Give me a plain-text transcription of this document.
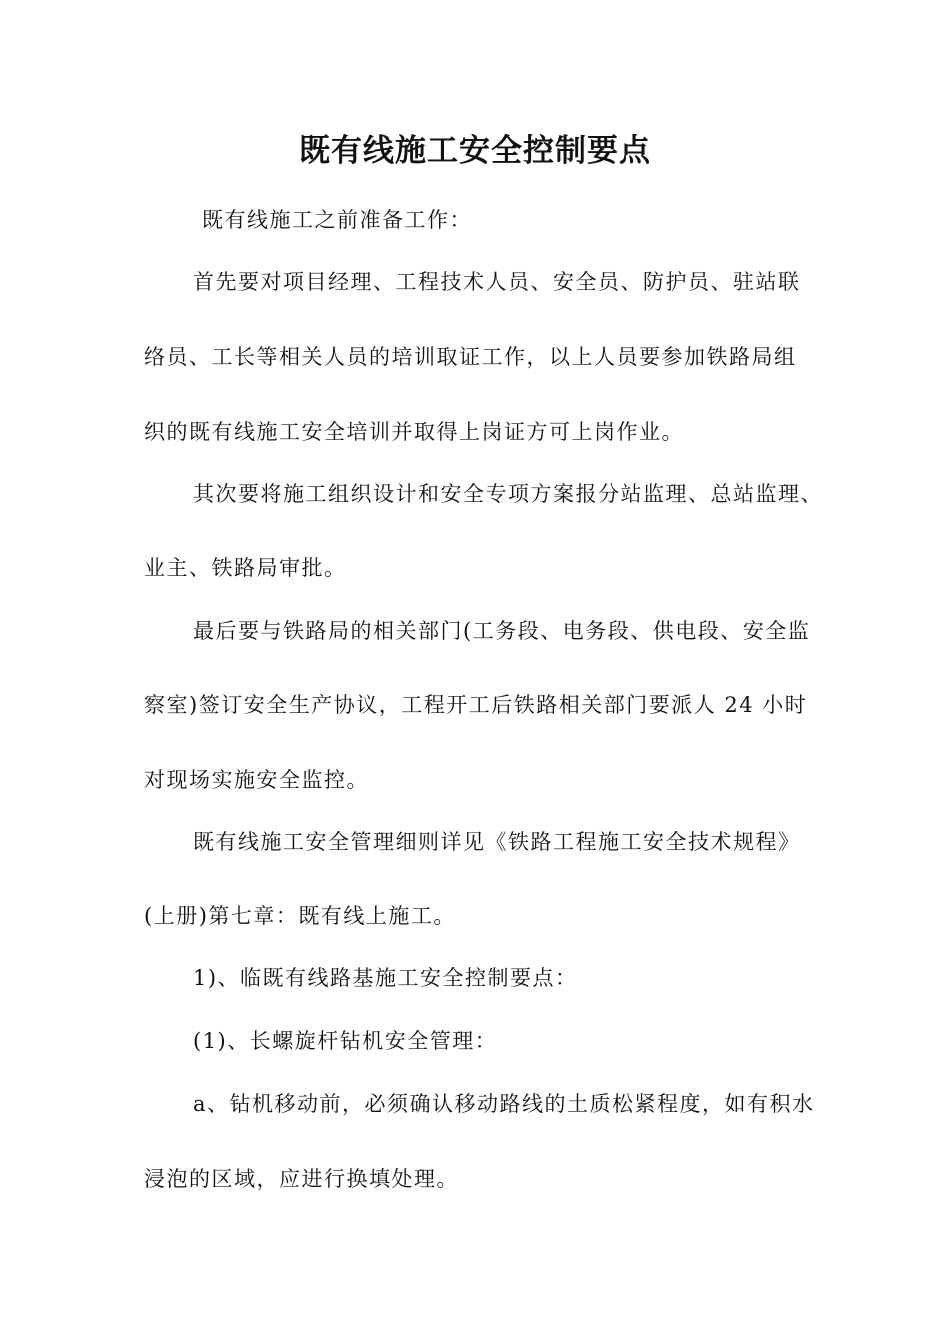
既有线施工安全控制要点
既有线施工之前准备工作：
首先要对项目经理、工程技术人员、安全员、防护员、驻站联
络员、工长等相关人员的培训取证工作，以上人员要参加铁路局组
织的既有线施工安全培训并取得上岗证方可上岗作业。
其次要将施工组织设计和安全专项方案报分站监理、总站监理、
业主、铁路局审批。
最后要与铁路局的相关部门(工务段、电务段、供电段、安全监
察室)签订安全生产协议，工程开工后铁路相关部门要派人 24 小时
对现场实施安全监控。
既有线施工安全管理细则详见《铁路工程施工安全技术规程》
(上册)第七章：既有线上施工。
1)、临既有线路基施工安全控制要点：
(1)、长螺旋杆钻机安全管理：
a、钻机移动前，必须确认移动路线的土质松紧程度，如有积水
浸泡的区域，应进行换填处理。
